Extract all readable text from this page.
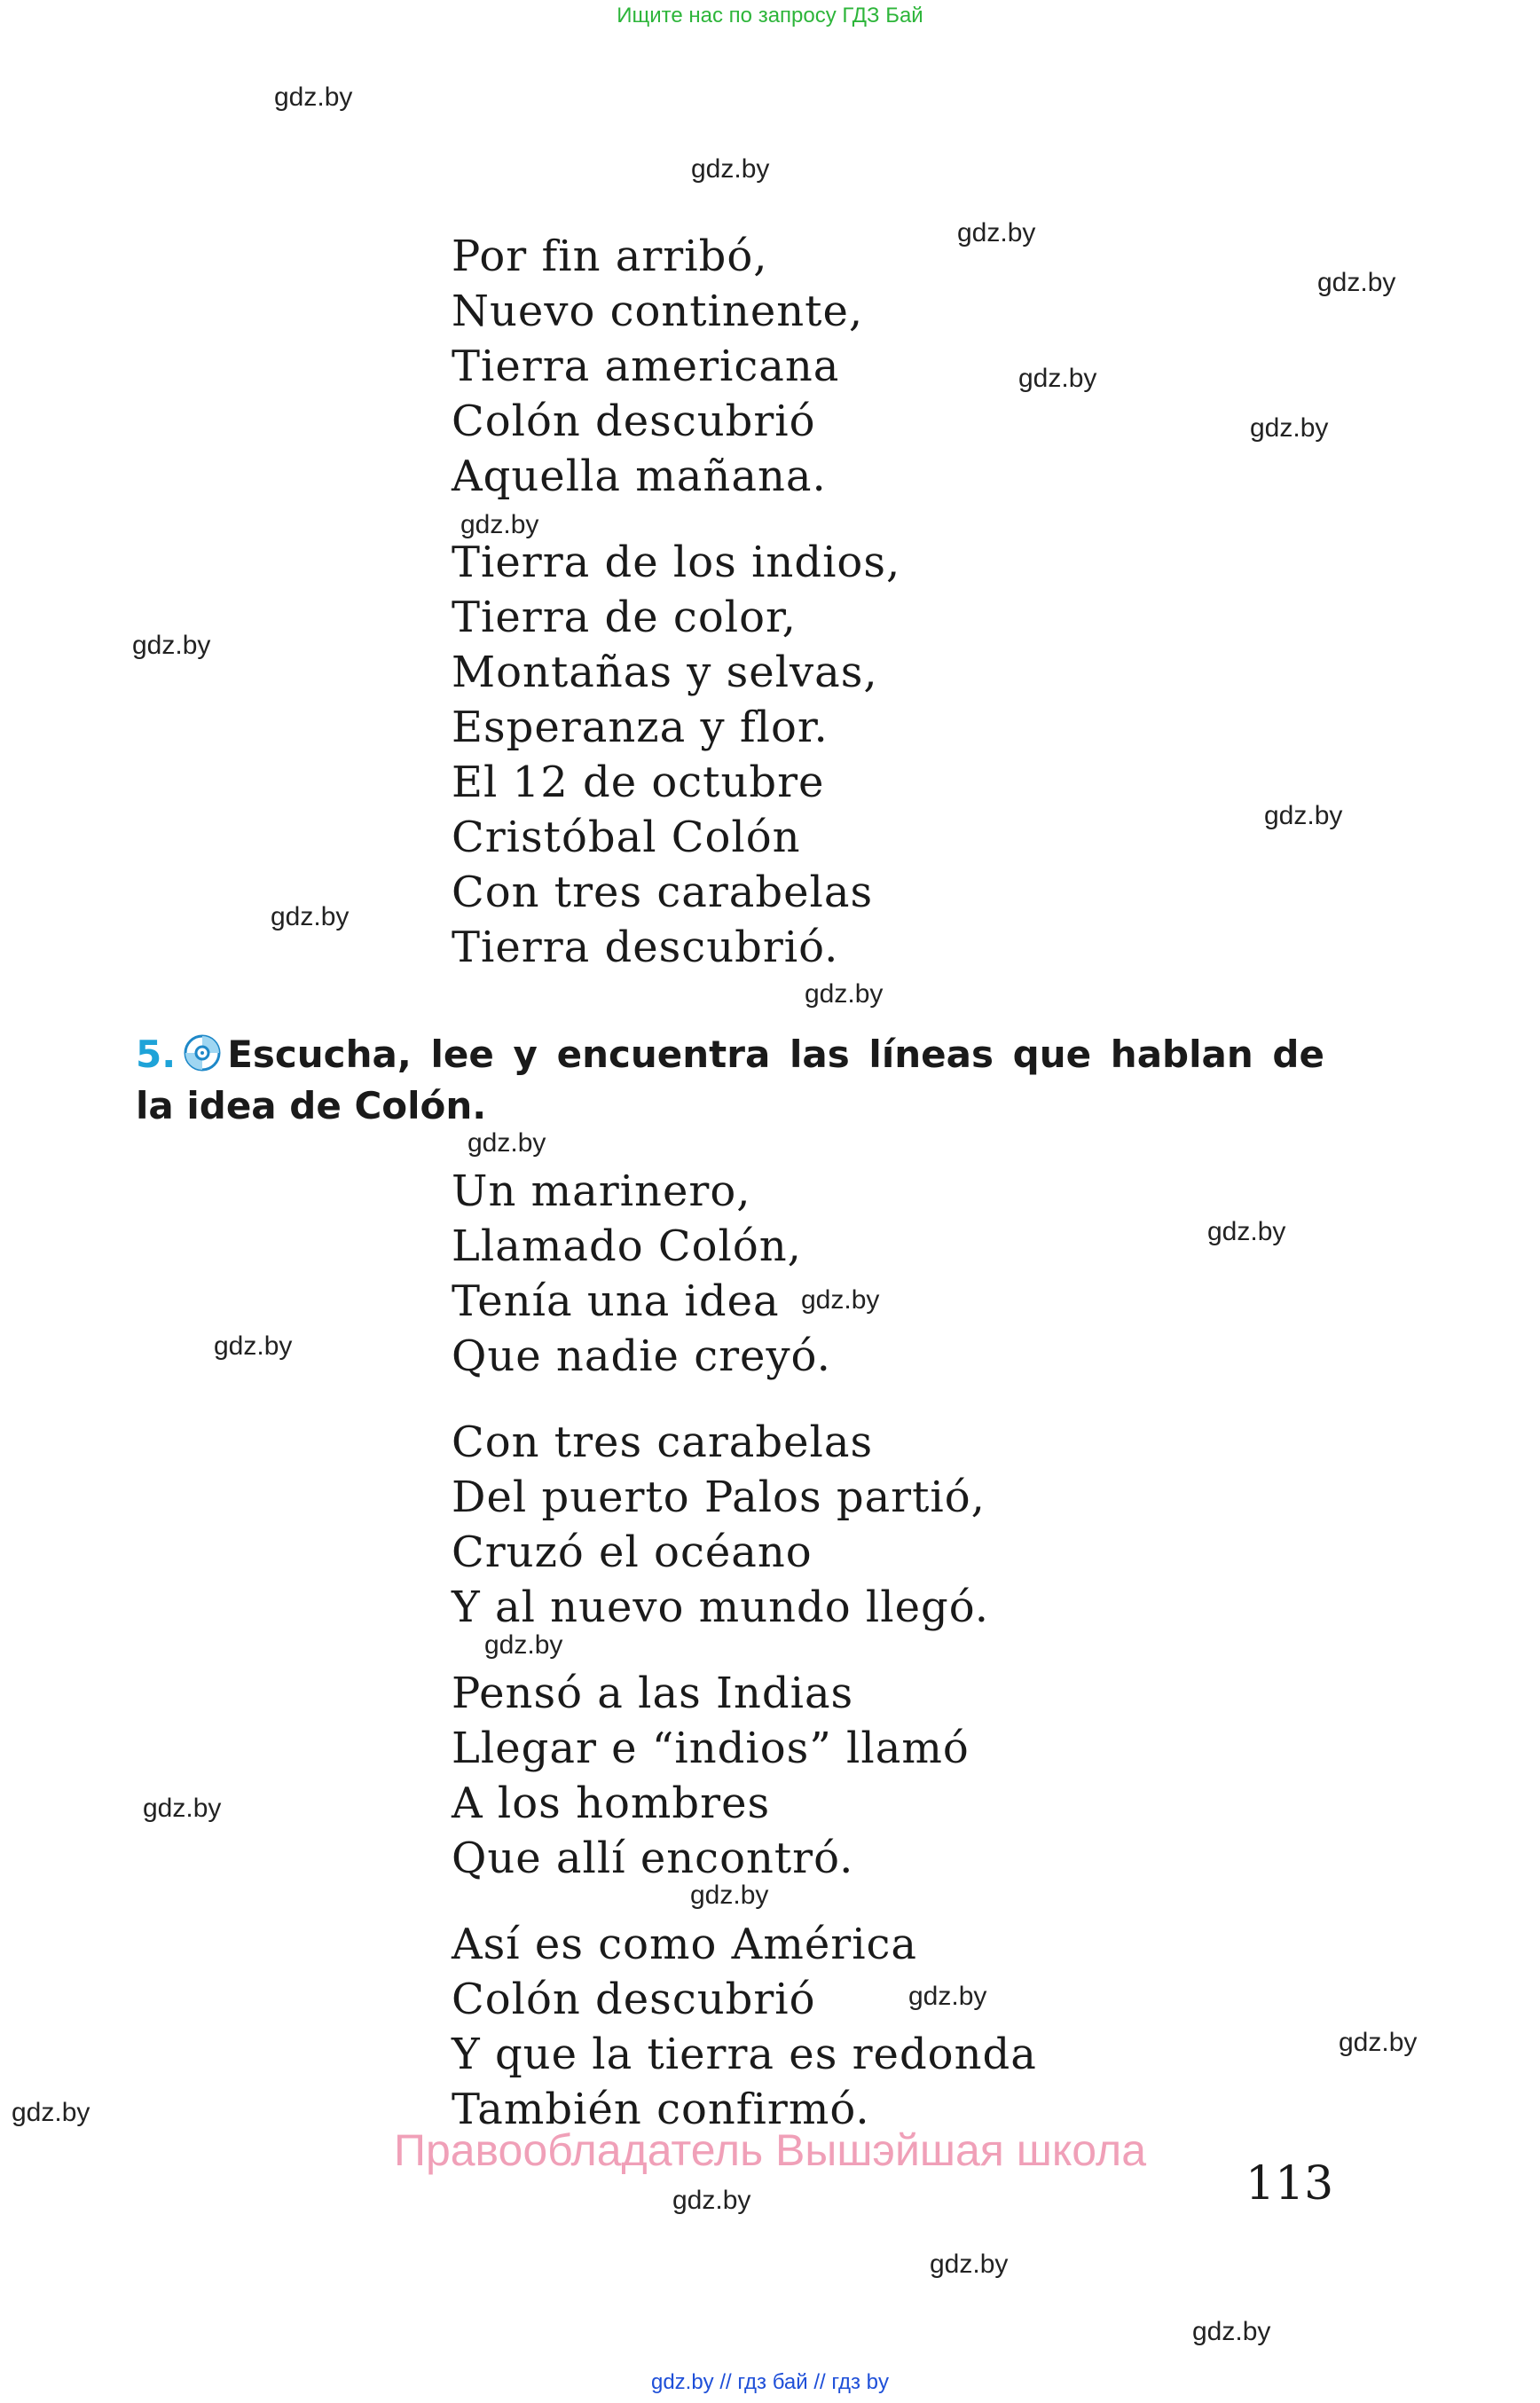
Ищите нас по запросу ГДЗ Бай
gdz.by
gdz.by
gdz.by
gdz.by
gdz.by
gdz.by
gdz.by
gdz.by
gdz.by
gdz.by
gdz.by
gdz.by
gdz.by
gdz.by
gdz.by
gdz.by
gdz.by
gdz.by
gdz.by
gdz.by
gdz.by
gdz.by
gdz.by
gdz.by
Por fin arribó,
Nuevo continente,
Tierra americana
Colón descubrió
Aquella mañana.
Tierra de los indios,
Tierra de color,
Montañas y selvas,
Esperanza y flor.
El 12 de octubre
Cristóbal Colón
Con tres carabelas
Tierra descubrió.
5. Escucha, lee y encuentra las líneas que hablan de la idea de Colón.
Un marinero,
Llamado Colón,
Tenía una idea
Que nadie creyó.
Con tres carabelas
Del puerto Palos partió,
Cruzó el océano
Y al nuevo mundo llegó.
Pensó a las Indias
Llegar e “indios” llamó
A los hombres
Que allí encontró.
Así es como América
Colón descubrió
Y que la tierra es redonda
También confirmó.
Правообладатель Вышэйшая школа
113
gdz.by // гдз бай // гдз by
